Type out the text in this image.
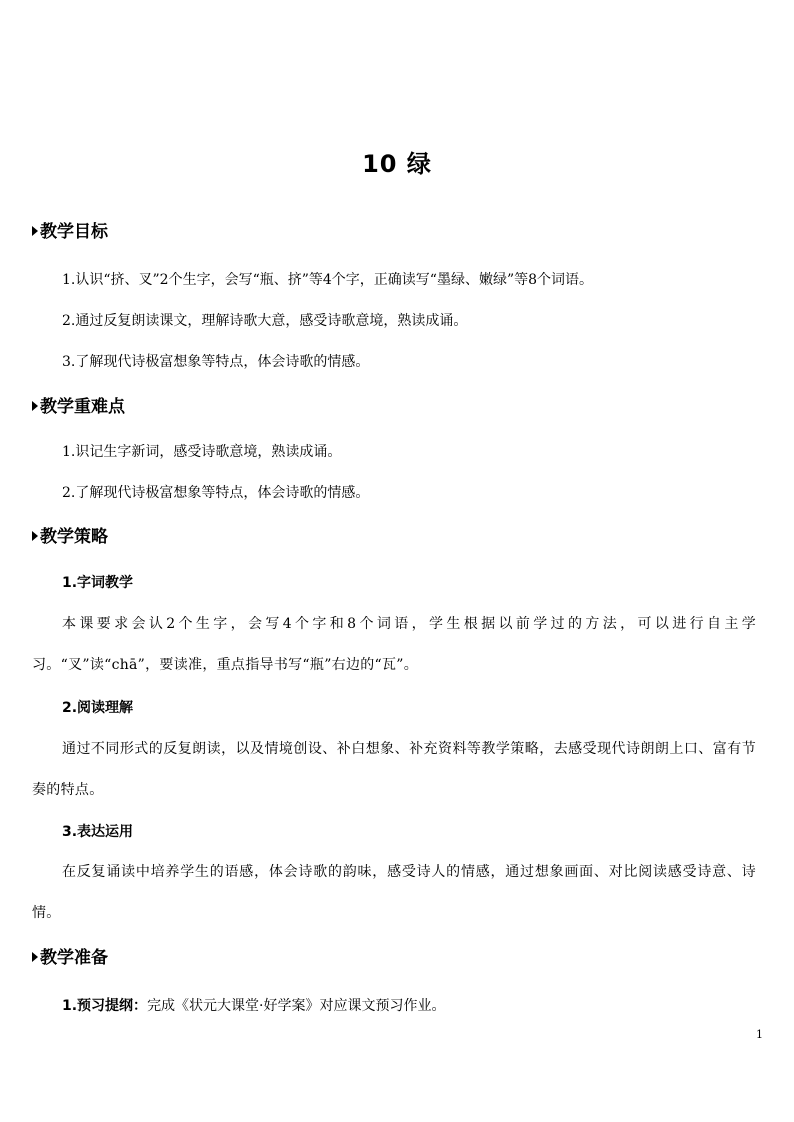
10 绿
教学目标
1.认识“挤、叉”2个生字，会写“瓶、挤”等4个字，正确读写“墨绿、嫩绿”等8个词语。
2.通过反复朗读课文，理解诗歌大意，感受诗歌意境，熟读成诵。
3.了解现代诗极富想象等特点，体会诗歌的情感。
教学重难点
1.识记生字新词，感受诗歌意境，熟读成诵。
2.了解现代诗极富想象等特点，体会诗歌的情感。
教学策略
1.字词教学
本课要求会认2个生字，会写4个字和8个词语，学生根据以前学过的方法，可以进行自主学习。“叉”读“chā”，要读准，重点指导书写“瓶”右边的“瓦”。
2.阅读理解
通过不同形式的反复朗读，以及情境创设、补白想象、补充资料等教学策略，去感受现代诗朗朗上口、富有节奏的特点。
3.表达运用
在反复诵读中培养学生的语感，体会诗歌的韵味，感受诗人的情感，通过想象画面、对比阅读感受诗意、诗情。
教学准备
1.预习提纲：完成《状元大课堂·好学案》对应课文预习作业。
1
